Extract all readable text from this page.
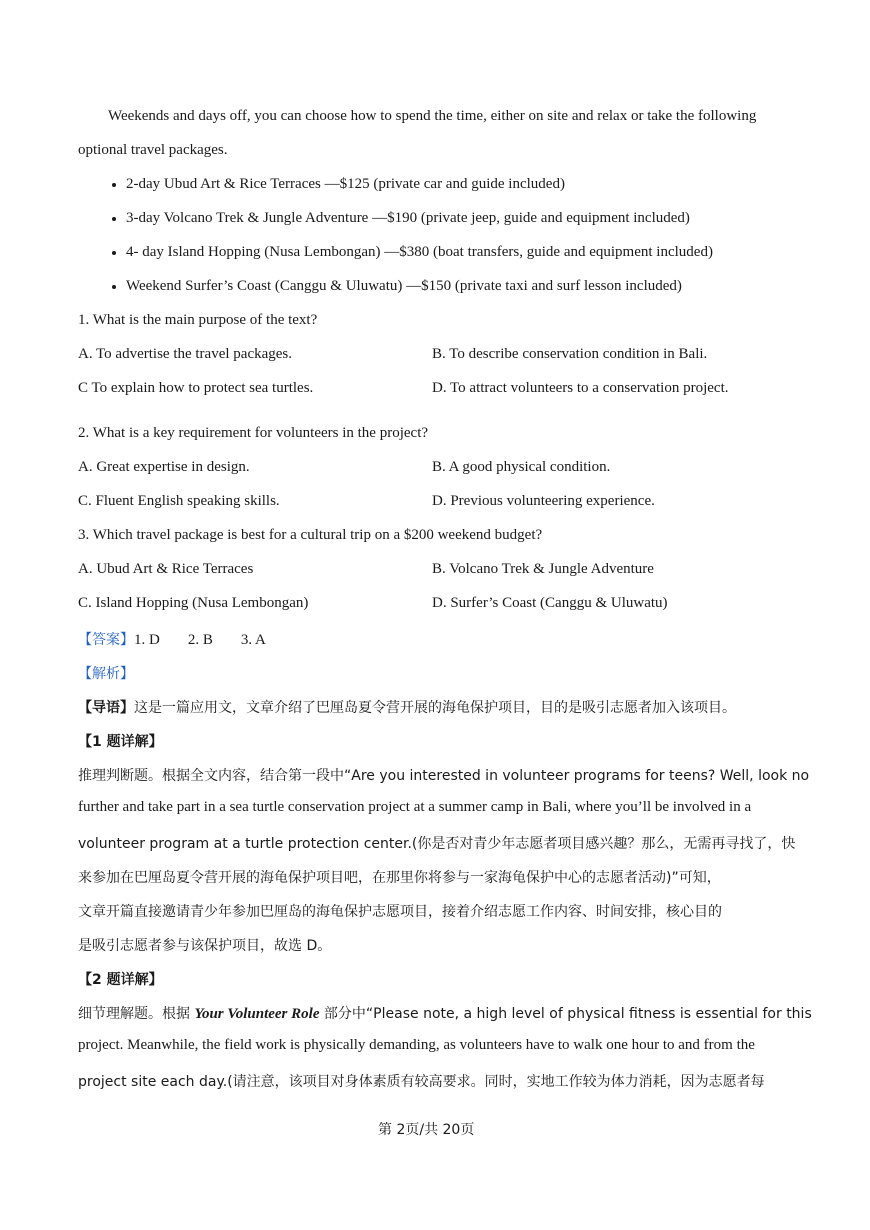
Weekends and days off, you can choose how to spend the time, either on site and relax or take the following
optional travel packages.
2-day Ubud Art & Rice Terraces —$125 (private car and guide included)
3-day Volcano Trek & Jungle Adventure —$190 (private jeep, guide and equipment included)
4- day Island Hopping (Nusa Lembongan) —$380 (boat transfers, guide and equipment included)
Weekend Surfer’s Coast (Canggu & Uluwatu) —$150 (private taxi and surf lesson included)
1. What is the main purpose of the text?
A. To advertise the travel packages.	B. To describe conservation condition in Bali.
C To explain how to protect sea turtles.	D. To attract volunteers to a conservation project.
2. What is a key requirement for volunteers in the project?
A. Great expertise in design.	B. A good physical condition.
C. Fluent English speaking skills.	D. Previous volunteering experience.
3. Which travel package is best for a cultural trip on a $200 weekend budget?
A. Ubud Art & Rice Terraces	B. Volcano Trek & Jungle Adventure
C. Island Hopping (Nusa Lembongan)	D. Surfer’s Coast (Canggu & Uluwatu)
【答案】1. D 2. B 3. A
【解析】
【导语】这是一篇应用文，文章介绍了巴厘岛夏令营开展的海龟保护项目，目的是吸引志愿者加入该项目。
【1 题详解】
推理判断题。根据全文内容，结合第一段中“Are you interested in volunteer programs for teens? Well, look no
further and take part in a sea turtle conservation project at a summer camp in Bali, where you’ll be involved in a
volunteer program at a turtle protection center.(你是否对青少年志愿者项目感兴趣？那么，无需再寻找了，快
来参加在巴厘岛夏令营开展的海龟保护项目吧，在那里你将参与一家海龟保护中心的志愿者活动)”可知，
文章开篇直接邀请青少年参加巴厘岛的海龟保护志愿项目，接着介绍志愿工作内容、时间安排，核心目的
是吸引志愿者参与该保护项目，故选 D。
【2 题详解】
细节理解题。根据 Your Volunteer Role 部分中“Please note, a high level of physical fitness is essential for this
project. Meanwhile, the field work is physically demanding, as volunteers have to walk one hour to and from the
project site each day.(请注意，该项目对身体素质有较高要求。同时，实地工作较为体力消耗，因为志愿者每
第 2页/共 20页
